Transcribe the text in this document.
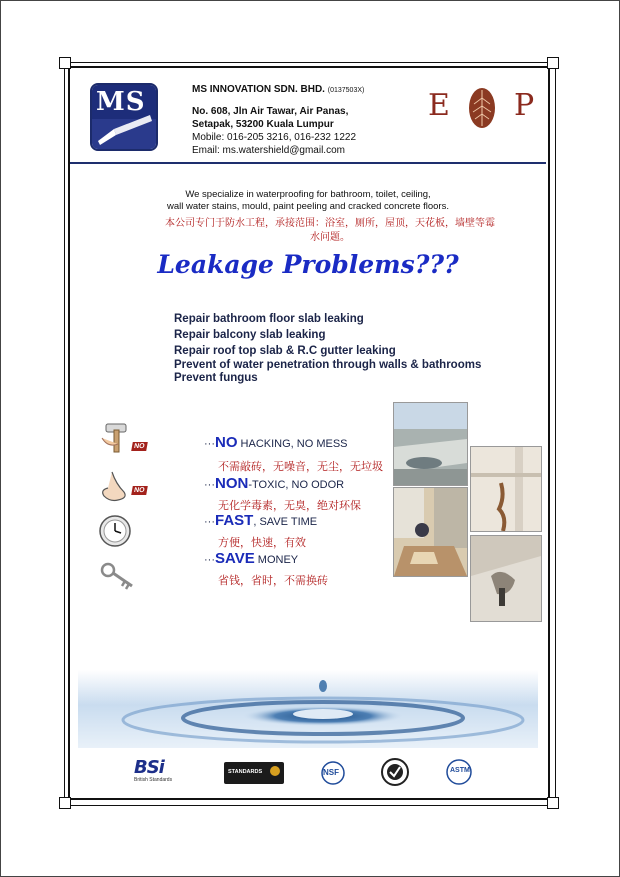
MS	MS INNOVATION SDN. BHD. (0137503X)
No. 608, Jln Air Tawar, Air Panas,
Setapak, 53200 Kuala Lumpur
Mobile: 016-205 3216, 016-232 1222
Email: ms.watershield@gmail.com
E P
We specialize in waterproofing for bathroom, toilet, ceiling,
wall water stains, mould, paint peeling and cracked concrete floors.
本公司专门于防水工程，承接范围：浴室，厕所，屋顶，天花板，墙壁等霉
水问题。
Leakage Problems???
Repair bathroom floor slab leaking
Repair balcony slab leaking
Repair roof top slab & R.C gutter leaking
Prevent of water penetration through walls & bathrooms
Prevent fungus
NO
NO
···NO HACKING, NO MESS
不需敲砖，无噪音，无尘，无垃圾
···NON-TOXIC, NO ODOR
无化学毒素，无臭，绝对环保
···FAST, SAVE TIME
方便，快速，有效
···SAVE MONEY
省钱，省时，不需换砖
BSi
British Standards
STANDARDS	NSF	ASTM
